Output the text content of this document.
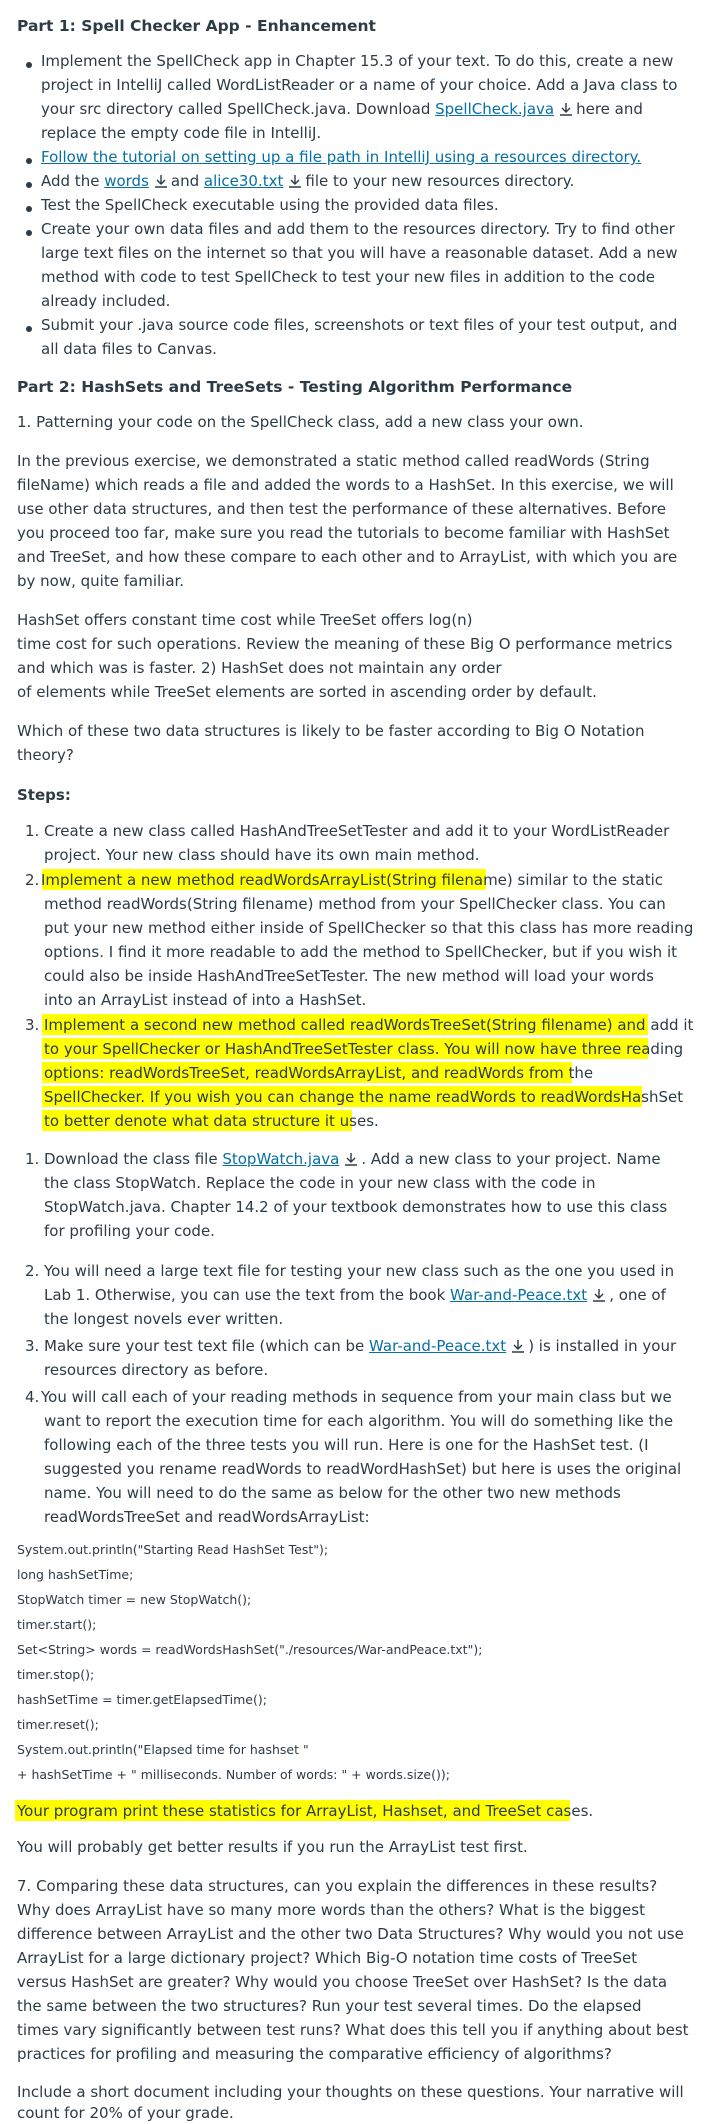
Part 1: Spell Checker App - Enhancement
Implement the SpellCheck app in Chapter 15.3 of your text. To do this, create a new
project in IntelliJ called WordListReader or a name of your choice. Add a Java class to
your src directory called SpellCheck.java. Download SpellCheck.java here and
replace the empty code file in IntelliJ.
Follow the tutorial on setting up a file path in IntelliJ using a resources directory.
Add the words and alice30.txt file to your new resources directory.
Test the SpellCheck executable using the provided data files.
Create your own data files and add them to the resources directory. Try to find other
large text files on the internet so that you will have a reasonable dataset. Add a new
method with code to test SpellCheck to test your new files in addition to the code
already included.
Submit your .java source code files, screenshots or text files of your test output, and
all data files to Canvas.
Part 2: HashSets and TreeSets - Testing Algorithm Performance
1. Patterning your code on the SpellCheck class, add a new class your own.
In the previous exercise, we demonstrated a static method called readWords (String
fileName) which reads a file and added the words to a HashSet. In this exercise, we will
use other data structures, and then test the performance of these alternatives. Before
you proceed too far, make sure you read the tutorials to become familiar with HashSet
and TreeSet, and how these compare to each other and to ArrayList, with which you are
by now, quite familiar.
HashSet offers constant time cost while TreeSet offers log(n)
time cost for such operations. Review the meaning of these Big O performance metrics
and which was is faster. 2) HashSet does not maintain any order
of elements while TreeSet elements are sorted in ascending order by default.
Which of these two data structures is likely to be faster according to Big O Notation
theory?
Steps:
1. Create a new class called HashAndTreeSetTester and add it to your WordListReader
project. Your new class should have its own main method.
2. Implement a new method readWordsArrayList(String filename) similar to the static
method readWords(String filename) method from your SpellChecker class. You can
put your new method either inside of SpellChecker so that this class has more reading
options. I find it more readable to add the method to SpellChecker, but if you wish it
could also be inside HashAndTreeSetTester. The new method will load your words
into an ArrayList instead of into a HashSet.
3. Implement a second new method called readWordsTreeSet(String filename) and add it
to your SpellChecker or HashAndTreeSetTester class. You will now have three reading
options: readWordsTreeSet, readWordsArrayList, and readWords from the
SpellChecker. If you wish you can change the name readWords to readWordsHashSet
to better denote what data structure it uses.
1. Download the class file StopWatch.java . Add a new class to your project. Name
the class StopWatch. Replace the code in your new class with the code in
StopWatch.java. Chapter 14.2 of your textbook demonstrates how to use this class
for profiling your code.
2. You will need a large text file for testing your new class such as the one you used in
Lab 1. Otherwise, you can use the text from the book War-and-Peace.txt , one of
the longest novels ever written.
3. Make sure your test text file (which can be War-and-Peace.txt ) is installed in your
resources directory as before.
4. You will call each of your reading methods in sequence from your main class but we
want to report the execution time for each algorithm. You will do something like the
following each of the three tests you will run. Here is one for the HashSet test. (I
suggested you rename readWords to readWordHashSet) but here is uses the original
name. You will need to do the same as below for the other two new methods
readWordsTreeSet and readWordsArrayList:
System.out.println("Starting Read HashSet Test");
long hashSetTime;
StopWatch timer = new StopWatch();
timer.start();
Set<String> words = readWordsHashSet("./resources/War-andPeace.txt");
timer.stop();
hashSetTime = timer.getElapsedTime();
timer.reset();
System.out.println("Elapsed time for hashset "
+ hashSetTime + " milliseconds. Number of words: " + words.size());
Your program print these statistics for ArrayList, Hashset, and TreeSet cases.
You will probably get better results if you run the ArrayList test first.
7. Comparing these data structures, can you explain the differences in these results?
Why does ArrayList have so many more words than the others? What is the biggest
difference between ArrayList and the other two Data Structures? Why would you not use
ArrayList for a large dictionary project? Which Big-O notation time costs of TreeSet
versus HashSet are greater? Why would you choose TreeSet over HashSet? Is the data
the same between the two structures? Run your test several times. Do the elapsed
times vary significantly between test runs? What does this tell you if anything about best
practices for profiling and measuring the comparative efficiency of algorithms?
Include a short document including your thoughts on these questions. Your narrative will
count for 20% of your grade.
